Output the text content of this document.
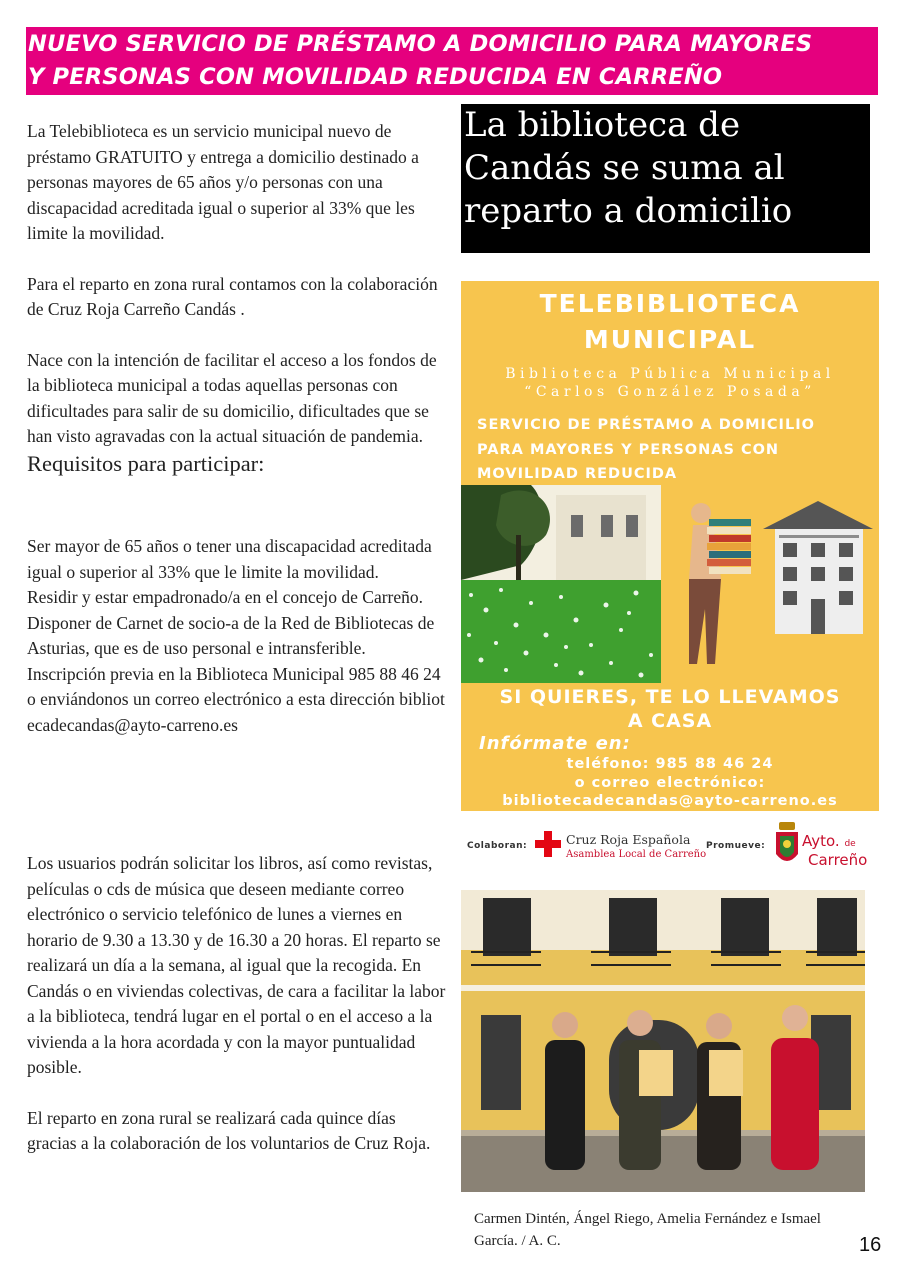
NUEVO SERVICIO DE PRÉSTAMO A DOMICILIO PARA MAYORES
Y PERSONAS CON MOVILIDAD REDUCIDA EN CARREÑO
La biblioteca de
Candás se suma al
reparto a domicilio

La Telebiblioteca es un servicio municipal nuevo de préstamo GRATUITO y entrega a domicilio destinado a personas mayores de 65 años y/o personas con una discapacidad acreditada igual o superior al 33% que les limite la movilidad.

Para el reparto en zona rural contamos con la colaboración de Cruz Roja Carreño Candás .

Nace con la intención de facilitar el acceso a los fondos de la biblioteca municipal a todas aquellas personas con dificultades para salir de su domicilio, dificultades que se han visto agravadas con la actual situación de pandemia.

Requisitos para participar:

Ser mayor de 65 años o tener una discapacidad acreditada igual o superior al 33% que le limite la movilidad.

Residir y estar empadronado/a en el concejo de Carreño.

Disponer de Carnet de socio-a de la Red de Bibliotecas de Asturias, que es de uso personal e intransferible.

Inscripción previa en la Biblioteca Municipal 985 88 46 24 o enviándonos un correo electrónico a esta dirección bibliotecadecandas@ayto-carreno.es

Los usuarios podrán solicitar los libros, así como revistas, películas o cds de música que deseen mediante correo electrónico o servicio telefónico de lunes a viernes en horario de 9.30 a 13.30 y de 16.30 a 20 horas. El reparto se realizará un día a la semana, al igual que la recogida. En Candás o en viviendas colectivas, de cara a facilitar la labor a la biblioteca, tendrá lugar en el portal o en el acceso a la vivienda a la hora acordada y con la mayor puntualidad posible.

El reparto en zona rural se realizará cada quince días gracias a la colaboración de los voluntarios de Cruz Roja.

TELEBIBLIOTECA
MUNICIPAL
Biblioteca Pública Municipal
“Carlos González Posada”
SERVICIO DE PRÉSTAMO A DOMICILIO
PARA MAYORES Y PERSONAS CON
MOVILIDAD REDUCIDA
SI QUIERES, TE LO LLEVAMOS
A CASA
Infórmate en:
teléfono: 985 88 46 24
o correo electrónico:
bibliotecadecandas@ayto-carreno.es
Colaboran:	Cruz Roja Española
Asamblea Local de Carreño
Promueve: Ayto. de
Carreño
Carmen Dintén, Ángel Riego, Amelia Fernández e Ismael García. / A. C.	16
